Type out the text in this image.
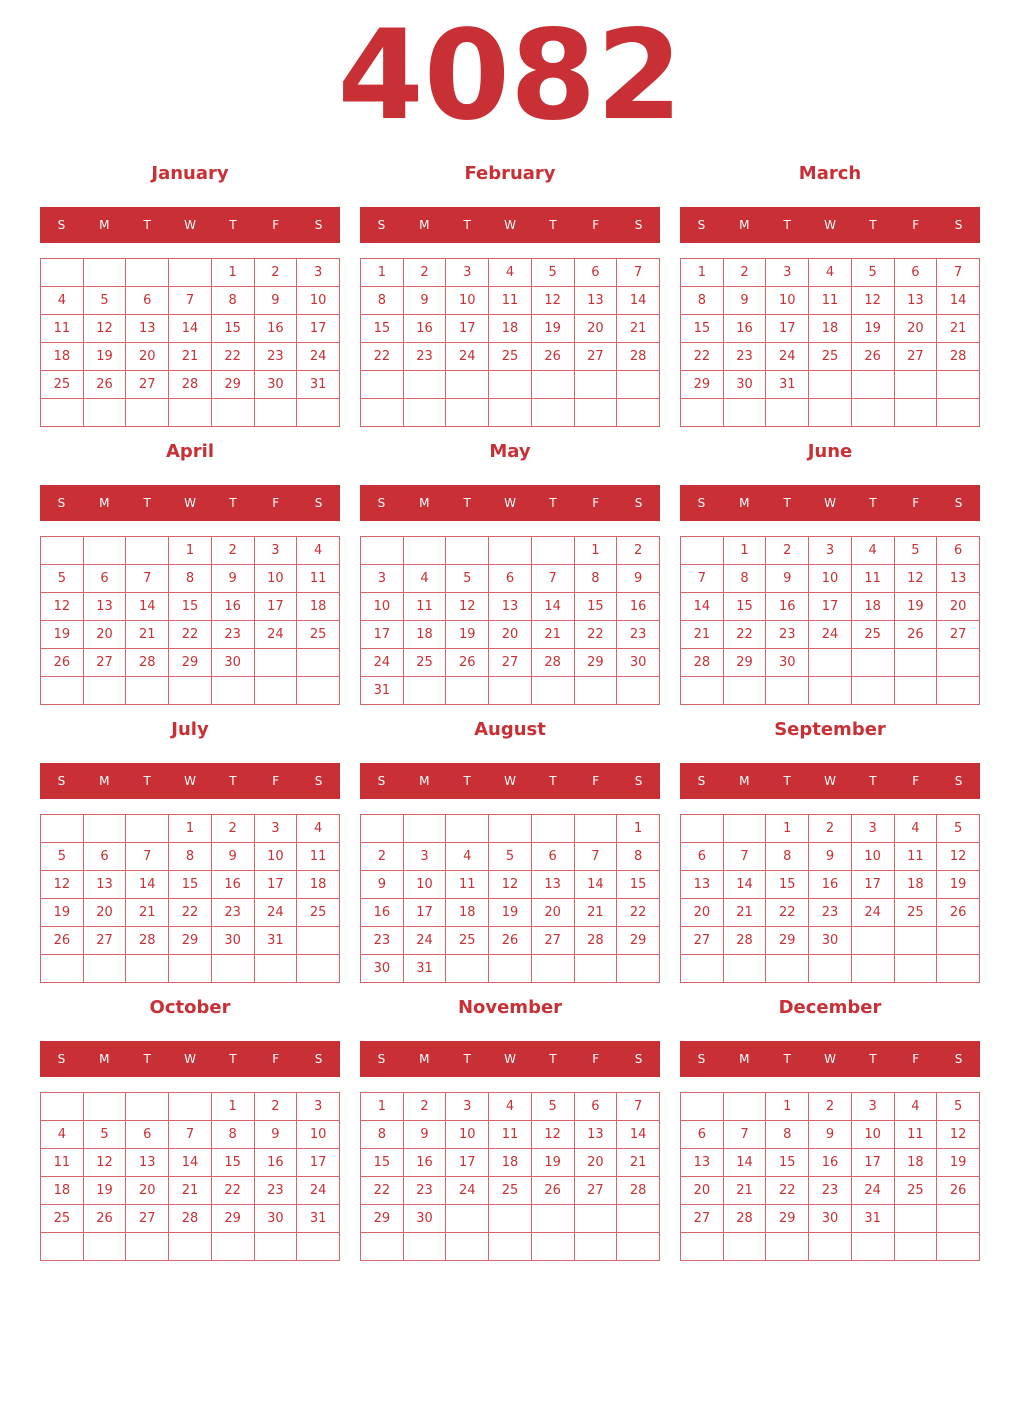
4082
January
S	M	T	W	T	F	S
				1	2	3
4	5	6	7	8	9	10
11	12	13	14	15	16	17
18	19	20	21	22	23	24
25	26	27	28	29	30	31

February
S	M	T	W	T	F	S
1	2	3	4	5	6	7
8	9	10	11	12	13	14
15	16	17	18	19	20	21
22	23	24	25	26	27	28

March
S	M	T	W	T	F	S
1	2	3	4	5	6	7
8	9	10	11	12	13	14
15	16	17	18	19	20	21
22	23	24	25	26	27	28
29	30	31				

April
S	M	T	W	T	F	S
			1	2	3	4
5	6	7	8	9	10	11
12	13	14	15	16	17	18
19	20	21	22	23	24	25
26	27	28	29	30		

May
S	M	T	W	T	F	S
					1	2
3	4	5	6	7	8	9
10	11	12	13	14	15	16
17	18	19	20	21	22	23
24	25	26	27	28	29	30
31						
June
S	M	T	W	T	F	S
	1	2	3	4	5	6
7	8	9	10	11	12	13
14	15	16	17	18	19	20
21	22	23	24	25	26	27
28	29	30				

July
S	M	T	W	T	F	S
			1	2	3	4
5	6	7	8	9	10	11
12	13	14	15	16	17	18
19	20	21	22	23	24	25
26	27	28	29	30	31	

August
S	M	T	W	T	F	S
						1
2	3	4	5	6	7	8
9	10	11	12	13	14	15
16	17	18	19	20	21	22
23	24	25	26	27	28	29
30	31					
September
S	M	T	W	T	F	S
		1	2	3	4	5
6	7	8	9	10	11	12
13	14	15	16	17	18	19
20	21	22	23	24	25	26
27	28	29	30			

October
S	M	T	W	T	F	S
				1	2	3
4	5	6	7	8	9	10
11	12	13	14	15	16	17
18	19	20	21	22	23	24
25	26	27	28	29	30	31

November
S	M	T	W	T	F	S
1	2	3	4	5	6	7
8	9	10	11	12	13	14
15	16	17	18	19	20	21
22	23	24	25	26	27	28
29	30					

December
S	M	T	W	T	F	S
		1	2	3	4	5
6	7	8	9	10	11	12
13	14	15	16	17	18	19
20	21	22	23	24	25	26
27	28	29	30	31		
